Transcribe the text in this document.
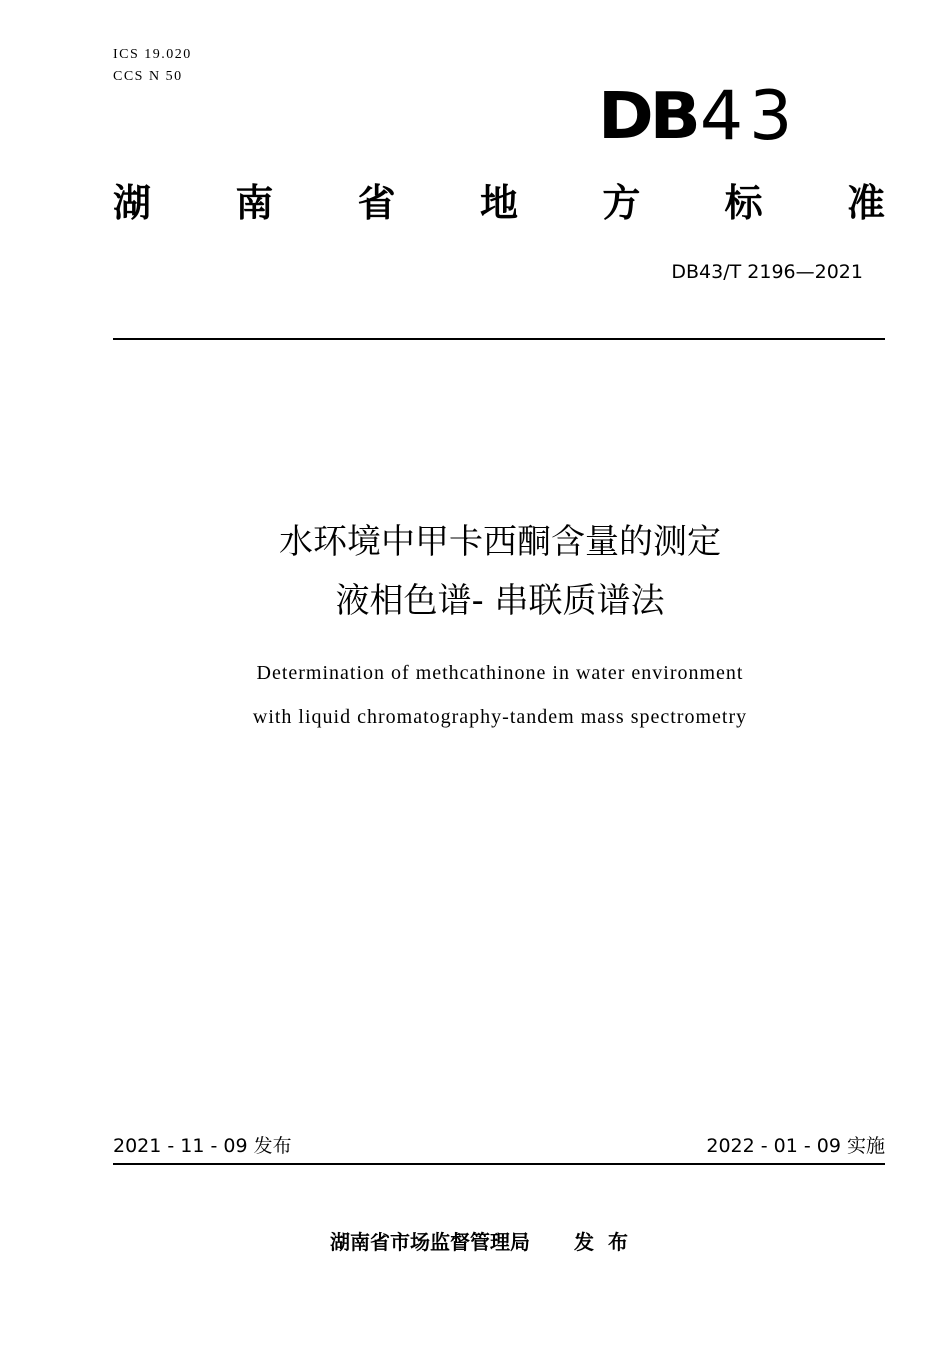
ICS 19.020
CCS N 50
DB 43
湖 南 省 地 方 标 准
DB43/T 2196—2021
水环境中甲卡西酮含量的测定
液相色谱- 串联质谱法
Determination of methcathinone in water environment
with liquid chromatography-tandem mass spectrometry
2021 - 11 - 09 发布	2022 - 01 - 09 实施
湖南省市场监督管理局 发布
